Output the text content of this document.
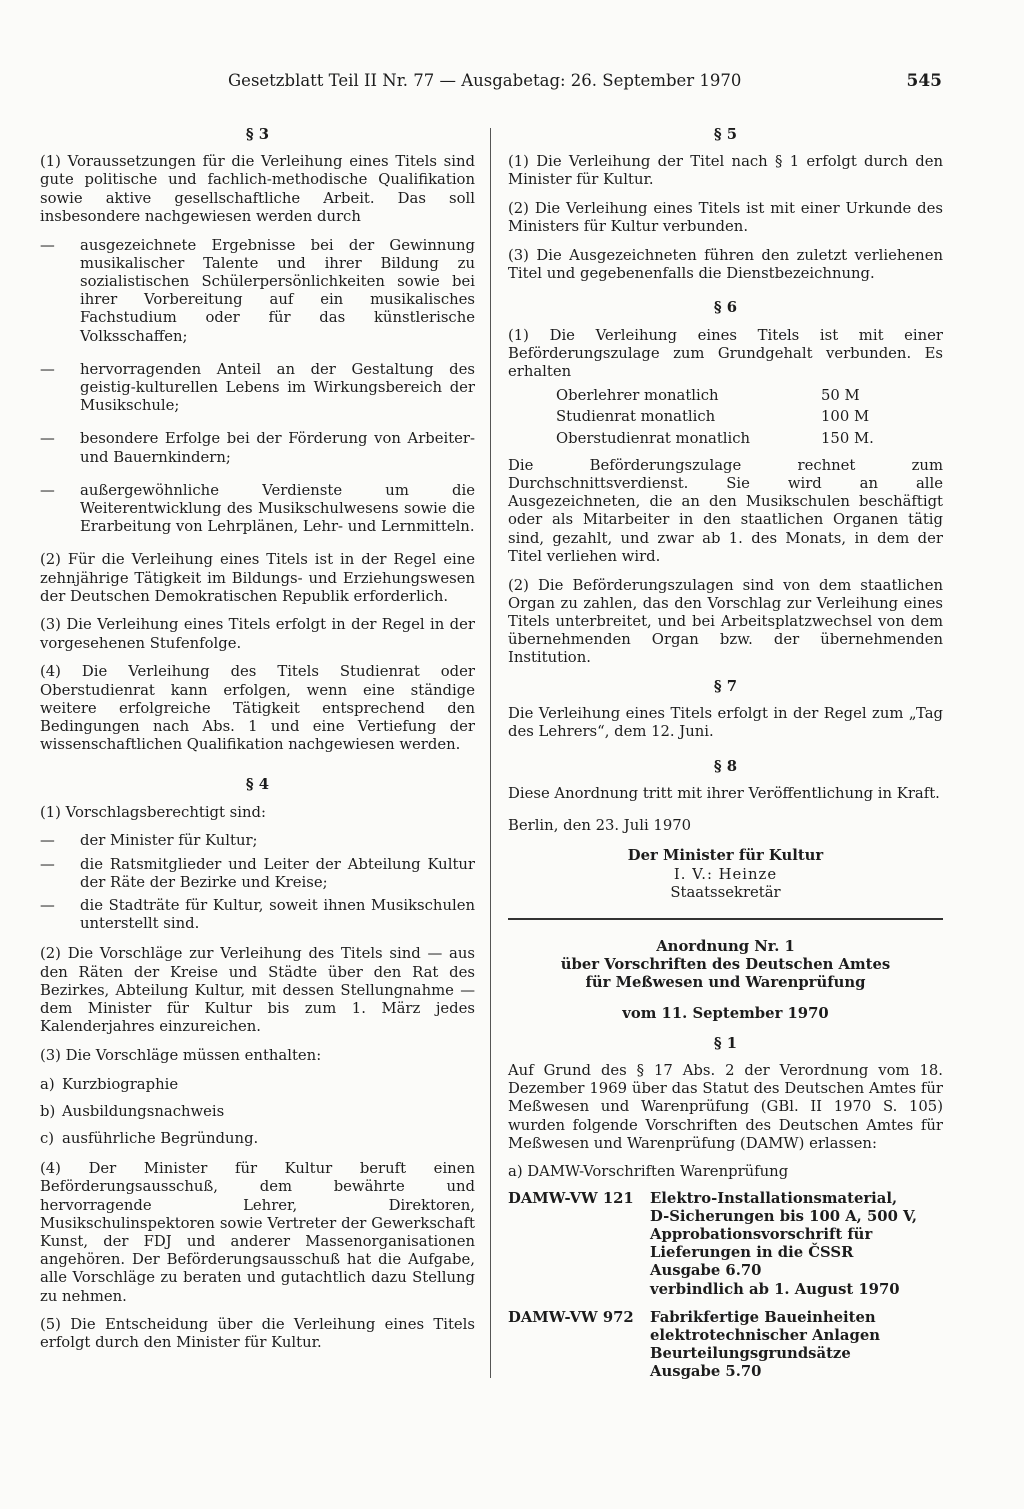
Gesetzblatt Teil II Nr. 77 — Ausgabetag: 26. September 1970	545
§ 3

(1) Voraussetzungen für die Verleihung eines Titels sind gute politische und fachlich-methodische Qualifikation sowie aktive gesellschaftliche Arbeit. Das soll insbesondere nachgewiesen werden durch

— ausgezeichnete Ergebnisse bei der Gewinnung musikalischer Talente und ihrer Bildung zu sozialistischen Schülerpersönlichkeiten sowie bei ihrer Vorbereitung auf ein musikalisches Fachstudium oder für das künstlerische Volksschaffen;
— hervorragenden Anteil an der Gestaltung des geistig-kulturellen Lebens im Wirkungsbereich der Musikschule;
— besondere Erfolge bei der Förderung von Arbeiter- und Bauernkindern;
— außergewöhnliche Verdienste um die Weiterentwicklung des Musikschulwesens sowie die Erarbeitung von Lehrplänen, Lehr- und Lernmitteln.

(2) Für die Verleihung eines Titels ist in der Regel eine zehnjährige Tätigkeit im Bildungs- und Erziehungswesen der Deutschen Demokratischen Republik erforderlich.

(3) Die Verleihung eines Titels erfolgt in der Regel in der vorgesehenen Stufenfolge.

(4) Die Verleihung des Titels Studienrat oder Oberstudienrat kann erfolgen, wenn eine ständige weitere erfolgreiche Tätigkeit entsprechend den Bedingungen nach Abs. 1 und eine Vertiefung der wissenschaftlichen Qualifikation nachgewiesen werden.

§ 4

(1) Vorschlagsberechtigt sind:

— der Minister für Kultur;
— die Ratsmitglieder und Leiter der Abteilung Kultur der Räte der Bezirke und Kreise;
— die Stadträte für Kultur, soweit ihnen Musikschulen unterstellt sind.

(2) Die Vorschläge zur Verleihung des Titels sind — aus den Räten der Kreise und Städte über den Rat des Bezirkes, Abteilung Kultur, mit dessen Stellungnahme — dem Minister für Kultur bis zum 1. März jedes Kalenderjahres einzureichen.

(3) Die Vorschläge müssen enthalten:

a) Kurzbiographie
b) Ausbildungsnachweis
c) ausführliche Begründung.

(4) Der Minister für Kultur beruft einen Beförderungsausschuß, dem bewährte und hervorragende Lehrer, Direktoren, Musikschulinspektoren sowie Vertreter der Gewerkschaft Kunst, der FDJ und anderer Massenorganisationen angehören. Der Beförderungsausschuß hat die Aufgabe, alle Vorschläge zu beraten und gutachtlich dazu Stellung zu nehmen.

(5) Die Entscheidung über die Verleihung eines Titels erfolgt durch den Minister für Kultur.

§ 5

(1) Die Verleihung der Titel nach § 1 erfolgt durch den Minister für Kultur.

(2) Die Verleihung eines Titels ist mit einer Urkunde des Ministers für Kultur verbunden.

(3) Die Ausgezeichneten führen den zuletzt verliehenen Titel und gegebenenfalls die Dienstbezeichnung.

§ 6

(1) Die Verleihung eines Titels ist mit einer Beförderungszulage zum Grundgehalt verbunden. Es erhalten

Oberlehrer monatlich	50 M
Studienrat monatlich	100 M
Oberstudienrat monatlich	150 M.

Die Beförderungszulage rechnet zum Durchschnittsverdienst. Sie wird an alle Ausgezeichneten, die an den Musikschulen beschäftigt oder als Mitarbeiter in den staatlichen Organen tätig sind, gezahlt, und zwar ab 1. des Monats, in dem der Titel verliehen wird.

(2) Die Beförderungszulagen sind von dem staatlichen Organ zu zahlen, das den Vorschlag zur Verleihung eines Titels unterbreitet, und bei Arbeitsplatzwechsel von dem übernehmenden Organ bzw. der übernehmenden Institution.

§ 7

Die Verleihung eines Titels erfolgt in der Regel zum „Tag des Lehrers“, dem 12. Juni.

§ 8

Diese Anordnung tritt mit ihrer Veröffentlichung in Kraft.

Berlin, den 23. Juli 1970

Der Minister für Kultur

I. V.: Heinze

Staatssekretär

Anordnung Nr. 1

über Vorschriften des Deutschen Amtes

für Meßwesen und Warenprüfung

vom 11. September 1970

§ 1

Auf Grund des § 17 Abs. 2 der Verordnung vom 18. Dezember 1969 über das Statut des Deutschen Amtes für Meßwesen und Warenprüfung (GBl. II 1970 S. 105) wurden folgende Vorschriften des Deutschen Amtes für Meßwesen und Warenprüfung (DAMW) erlassen:

a) DAMW-Vorschriften Warenprüfung

DAMW-VW 121	Elektro-Installationsmaterial,
D-Sicherungen bis 100 A, 500 V,
Approbationsvorschrift für Lieferungen in die ČSSR
Ausgabe 6.70
verbindlich ab 1. August 1970

DAMW-VW 972	Fabrikfertige Baueinheiten elektrotechnischer Anlagen
Beurteilungsgrundsätze
Ausgabe 5.70
